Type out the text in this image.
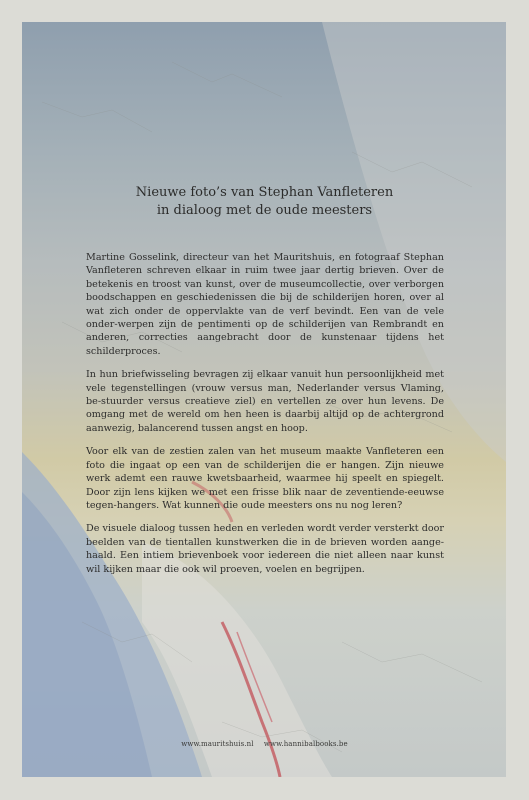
Nieuwe foto’s van Stephan Vanfleteren
in dialoog met de oude meesters

Martine Gosselink, directeur van het Mauritshuis, en fotograaf Stephan Vanfleteren schreven elkaar in ruim twee jaar dertig brieven. Over de betekenis en troost van kunst, over de museumcollectie, over verborgen boodschappen en geschiedenissen die bij de schilderijen horen, over al wat zich onder de oppervlakte van de verf bevindt. Een van de vele onder-werpen zijn de pentimenti op de schilderijen van Rembrandt en anderen, correcties aangebracht door de kunstenaar tijdens het schilderproces.

In hun briefwisseling bevragen zij elkaar vanuit hun persoonlijkheid met vele tegenstellingen (vrouw versus man, Nederlander versus Vlaming, be-stuurder versus creatieve ziel) en vertellen ze over hun levens. De omgang met de wereld om hen heen is daarbij altijd op de achtergrond aanwezig, balancerend tussen angst en hoop.

Voor elk van de zestien zalen van het museum maakte Vanfleteren een foto die ingaat op een van de schilderijen die er hangen. Zijn nieuwe werk ademt een rauwe kwetsbaarheid, waarmee hij speelt en spiegelt. Door zijn lens kijken we met een frisse blik naar de zeventiende-eeuwse tegen-hangers. Wat kunnen die oude meesters ons nu nog leren?

De visuele dialoog tussen heden en verleden wordt verder versterkt door beelden van de tientallen kunstwerken die in de brieven worden aange-haald. Een intiem brievenboek voor iedereen die niet alleen naar kunst wil kijken maar die ook wil proeven, voelen en begrijpen.

www.mauritshuis.nl www.hannibalbooks.be
